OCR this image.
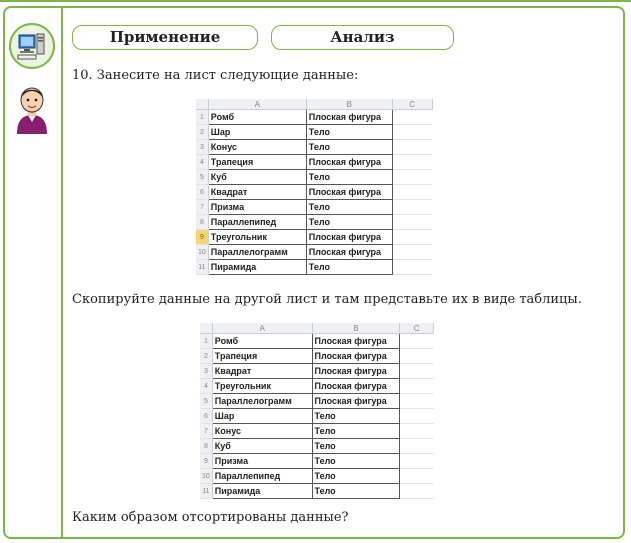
Применение	Анализ
10. Занесите на лист следующие данные:
	A	B	C
1	Ромб	Плоская фигура	
2	Шар	Тело	
3	Конус	Тело	
4	Трапеция	Плоская фигура	
5	Куб	Тело	
6	Квадрат	Плоская фигура	
7	Призма	Тело	
8	Параллепипед	Тело	
9	Треугольник	Плоская фигура	
10	Параллелограмм	Плоская фигура	
11	Пирамида	Тело	
Скопируйте данные на другой лист и там представьте их в виде таблицы.
	A	B	C
1	Ромб	Плоская фигура	
2	Трапеция	Плоская фигура	
3	Квадрат	Плоская фигура	
4	Треугольник	Плоская фигура	
5	Параллелограмм	Плоская фигура	
6	Шар	Тело	
7	Конус	Тело	
8	Куб	Тело	
9	Призма	Тело	
10	Параллепипед	Тело	
11	Пирамида	Тело	
Каким образом отсортированы данные?
